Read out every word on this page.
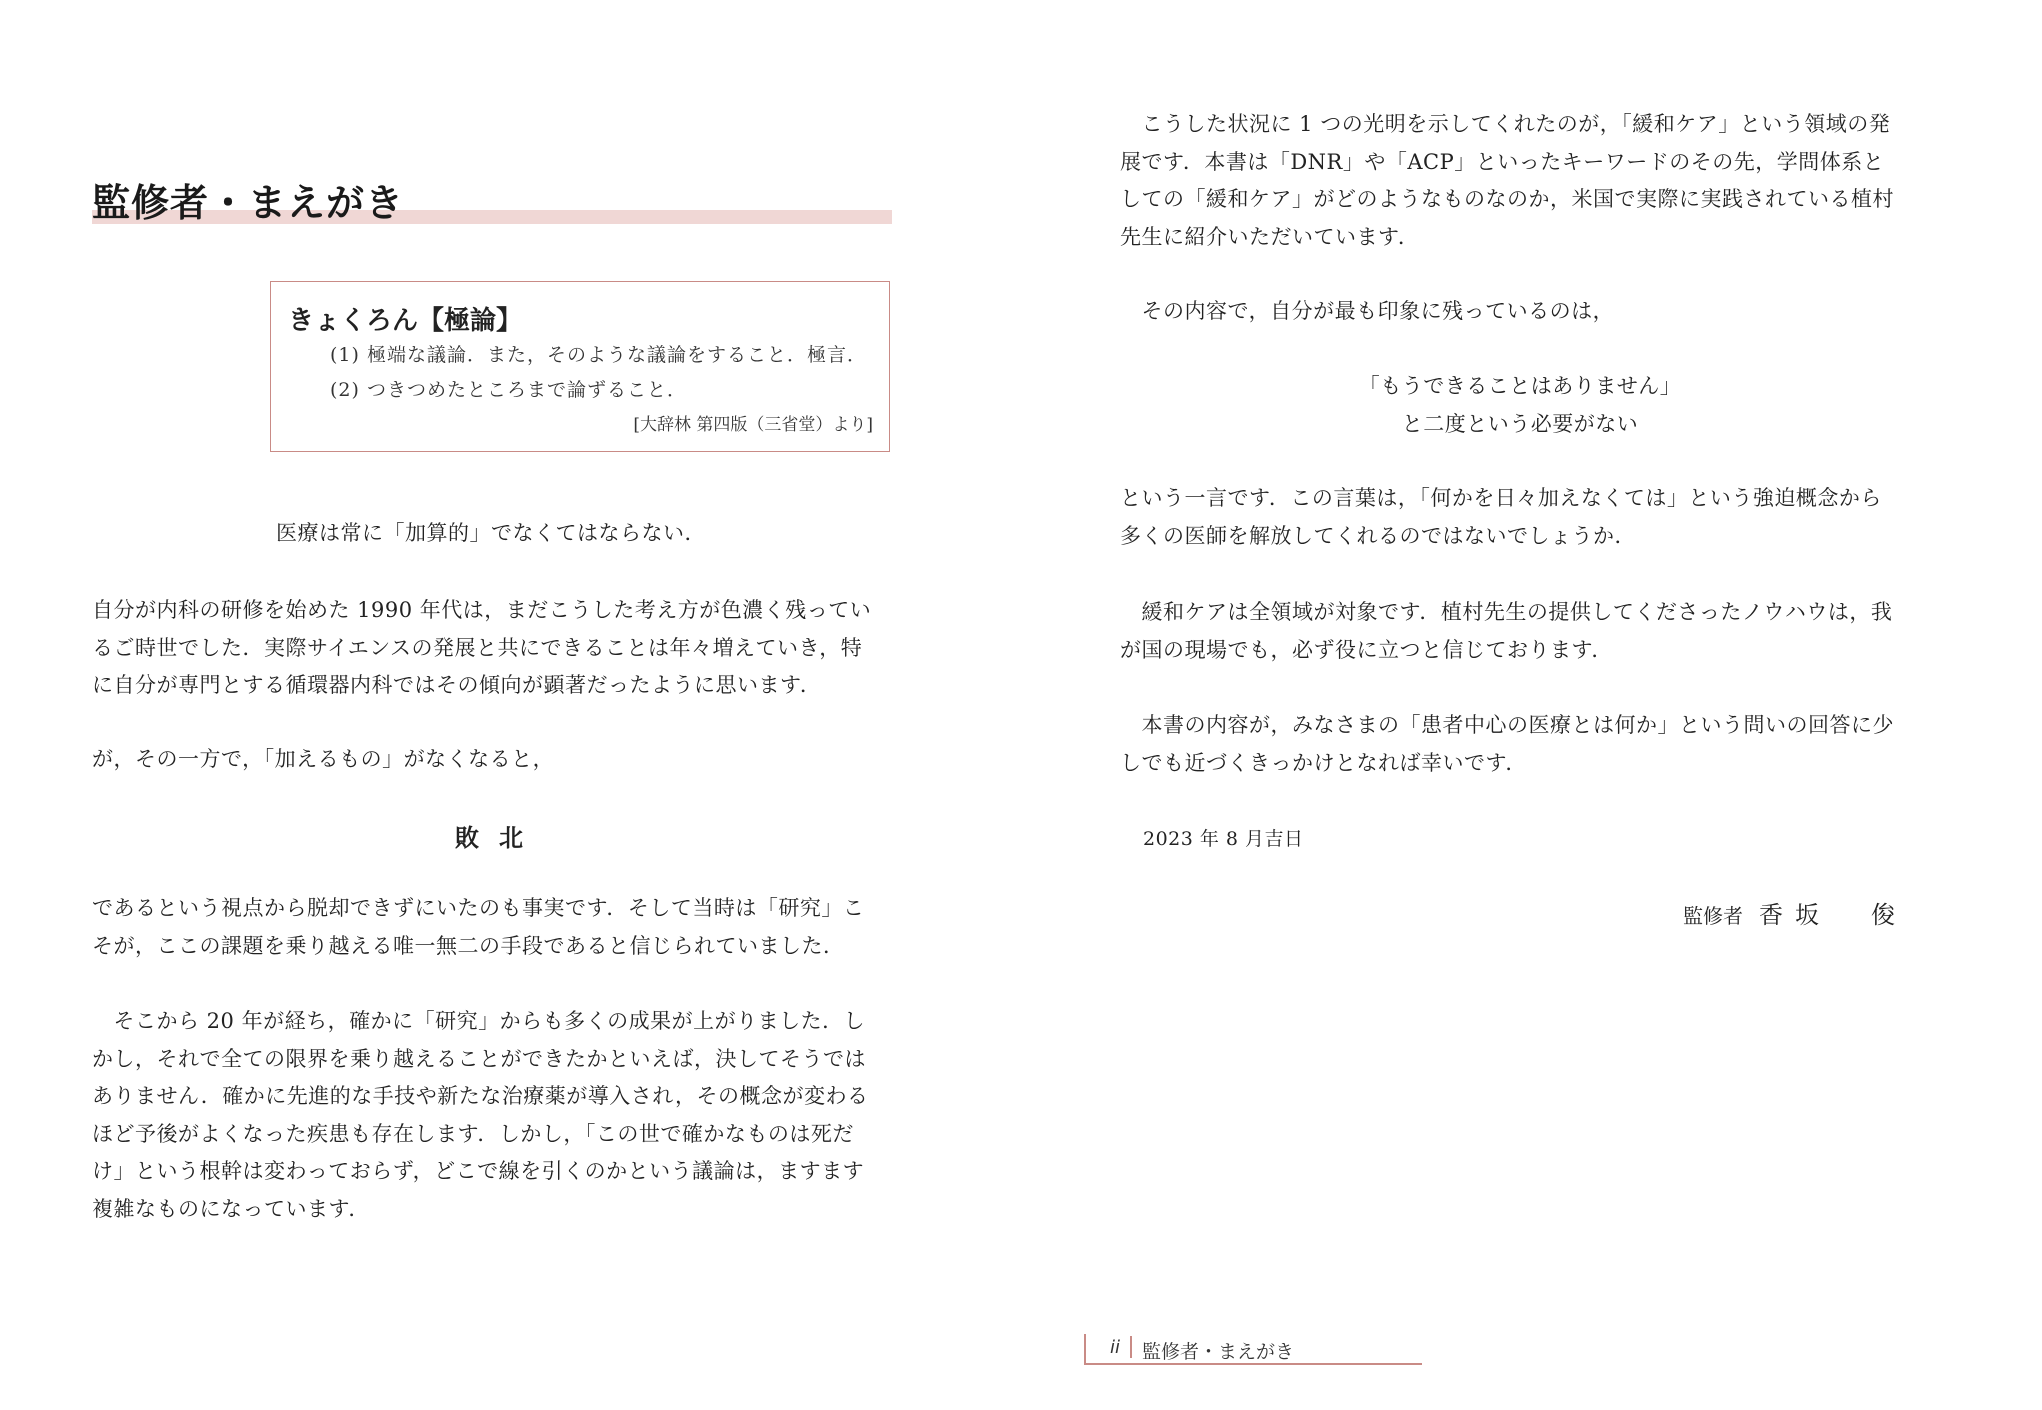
監修者・まえがき
きょくろん【極論】
(1) 極端な議論．また，そのような議論をすること．極言．
(2) つきつめたところまで論ずること．
[大辞林 第四版（三省堂）より]

医療は常に「加算的」でなくてはならない．

自分が内科の研修を始めた 1990 年代は，まだこうした考え方が色濃く残ってい
るご時世でした．実際サイエンスの発展と共にできることは年々増えていき，特
に自分が専門とする循環器内科ではその傾向が顕著だったように思います．

が，その一方で，「加えるもの」がなくなると，

敗北

であるという視点から脱却できずにいたのも事実です．そして当時は「研究」こ
そが，ここの課題を乗り越える唯一無二の手段であると信じられていました．

　そこから 20 年が経ち，確かに「研究」からも多くの成果が上がりました．し
かし，それで全ての限界を乗り越えることができたかといえば，決してそうでは
ありません．確かに先進的な手技や新たな治療薬が導入され，その概念が変わる
ほど予後がよくなった疾患も存在します．しかし，「この世で確かなものは死だ
け」という根幹は変わっておらず，どこで線を引くのかという議論は，ますます
複雑なものになっています．

　こうした状況に 1 つの光明を示してくれたのが，「緩和ケア」という領域の発
展です．本書は「DNR」や「ACP」といったキーワードのその先，学問体系と
しての「緩和ケア」がどのようなものなのか，米国で実際に実践されている植村
先生に紹介いただいています．

　その内容で，自分が最も印象に残っているのは，

「もうできることはありません」
と二度という必要がない

という一言です．この言葉は，「何かを日々加えなくては」という強迫概念から
多くの医師を解放してくれるのではないでしょうか．

　緩和ケアは全領域が対象です．植村先生の提供してくださったノウハウは，我
が国の現場でも，必ず役に立つと信じております．

　本書の内容が，みなさまの「患者中心の医療とは何か」という問いの回答に少
しでも近づくきっかけとなれば幸いです．

2023 年 8 月吉日

監修者 香坂 俊
ii 監修者・まえがき
